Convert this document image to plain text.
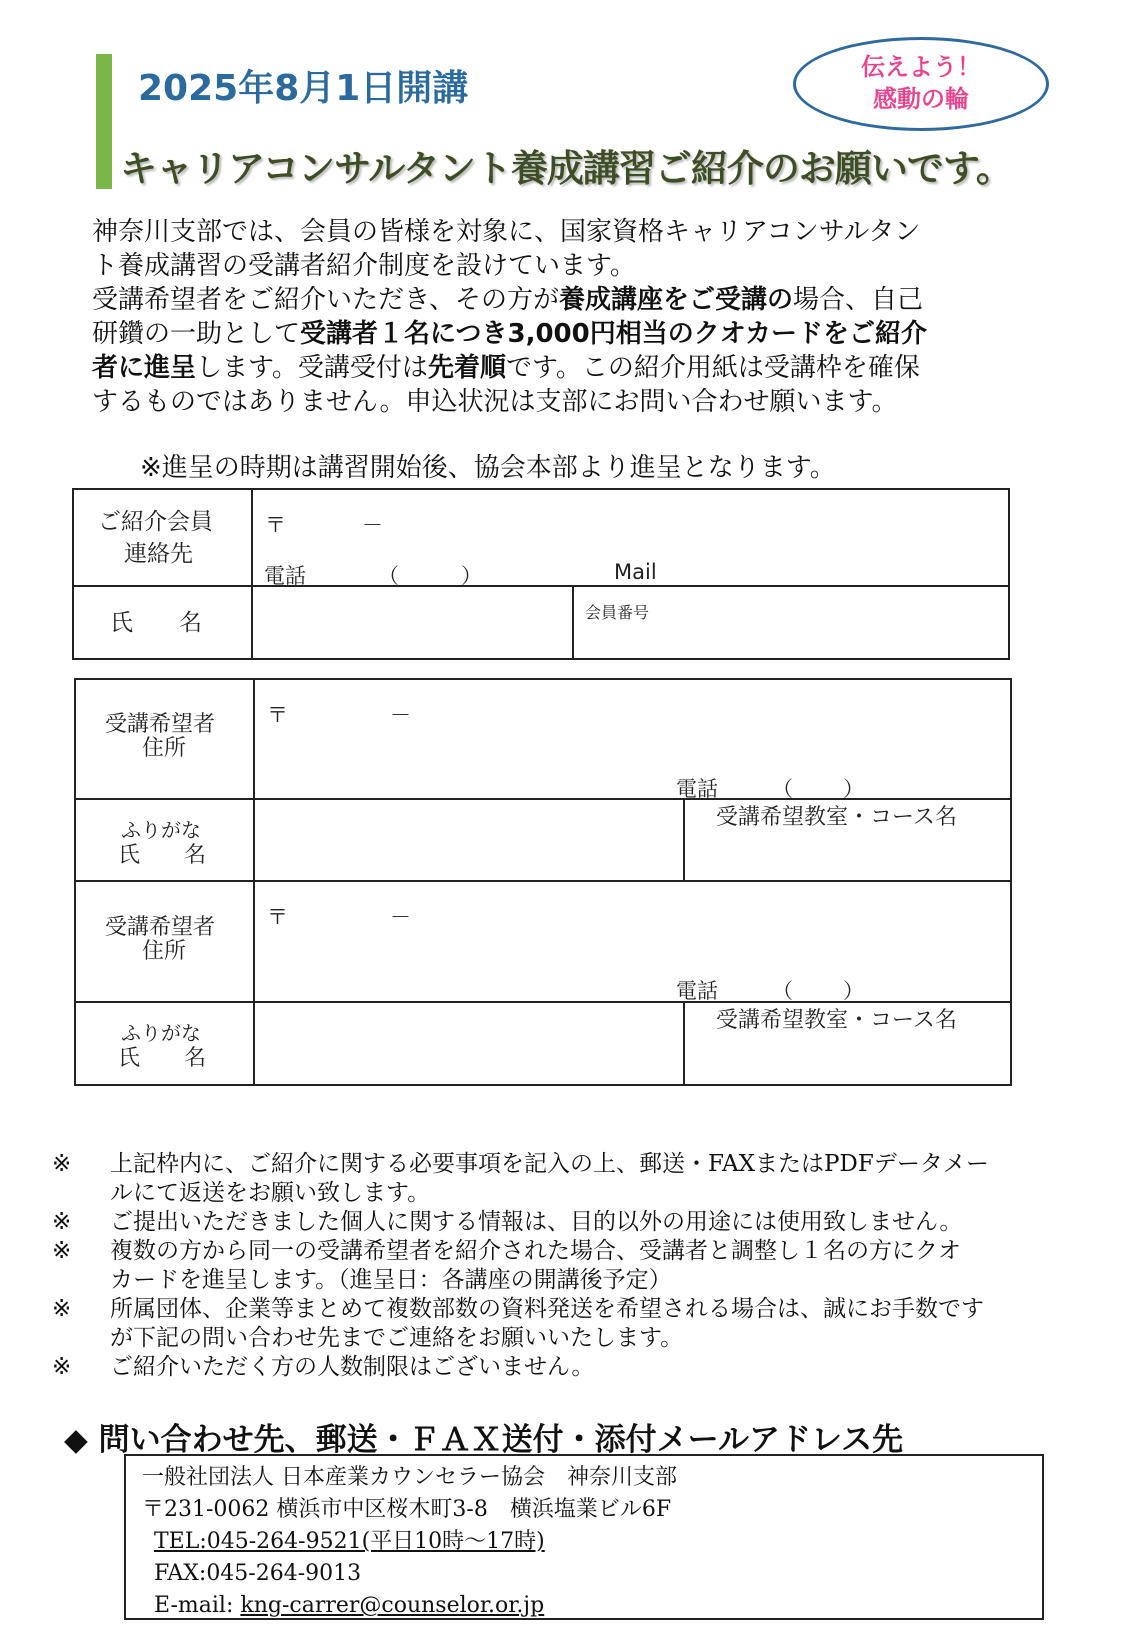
2025年8月1日開講
キャリアコンサルタント養成講習ご紹介のお願いです。
伝えよう！
感動の輪
神奈川支部では、会員の皆様を対象に、国家資格キャリアコンサルタン
ト養成講習の受講者紹介制度を設けています。
受講希望者をご紹介いただき、その方が養成講座をご受講の場合、自己
研鑽の一助として受講者１名につき3,000円相当のクオカードをご紹介
者に進呈します。受講受付は先着順です。この紹介用紙は受講枠を確保
するものではありません。申込状況は支部にお問い合わせ願います。
※進呈の時期は講習開始後、協会本部より進呈となります。
ご紹介会員
連絡先
〒	－
電話	（	）	Mail
氏　　名	会員番号
受講希望者
住所
〒	－
電話	（ ）
ふりがな
氏　　名
受講希望教室・コース名
受講希望者
住所
〒	－
電話	（ ）
ふりがな
氏　　名
受講希望教室・コース名
※ 上記枠内に、ご紹介に関する必要事項を記入の上、郵送・FAXまたはPDFデータメー
ルにて返送をお願い致します。
※ ご提出いただきました個人に関する情報は、目的以外の用途には使用致しません。
※ 複数の方から同一の受講希望者を紹介された場合、受講者と調整し１名の方にクオ
カードを進呈します。（進呈日：各講座の開講後予定）
※ 所属団体、企業等まとめて複数部数の資料発送を希望される場合は、誠にお手数です
が下記の問い合わせ先までご連絡をお願いいたします。
※ ご紹介いただく方の人数制限はございません。
◆ 問い合わせ先、郵送・ＦＡＸ送付・添付メールアドレス先
一般社団法人 日本産業カウンセラー協会　神奈川支部
〒231-0062 横浜市中区桜木町3-8　横浜塩業ビル6F
TEL:045-264-9521(平日10時～17時)
FAX:045-264-9013
E-mail: kng-carrer@counselor.or.jp
